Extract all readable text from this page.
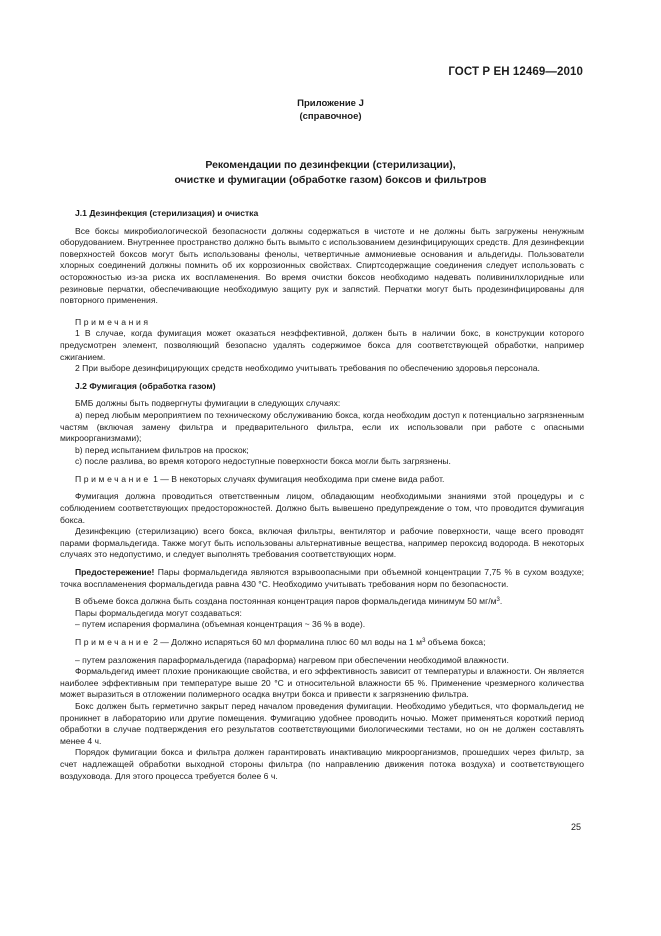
ГОСТ Р ЕН 12469—2010
Приложение J
(справочное)
Рекомендации по дезинфекции (стерилизации),
очистке и фумигации (обработке газом) боксов и фильтров

J.1 Дезинфекция (стерилизация) и очистка

Все боксы микробиологической безопасности должны содержаться в чистоте и не должны быть загружены ненужным оборудованием. Внутреннее пространство должно быть вымыто с использованием дезинфицирующих средств. Для дезинфекции поверхностей боксов могут быть использованы фенолы, четвертичные аммониевые основания и альдегиды. Пользователи хлорных соединений должны помнить об их коррозионных свойствах. Спиртсодержащие соединения следует использовать с осторожностью из-за риска их воспламенения. Во время очистки боксов необходимо надевать поливинилхлоридные или резиновые перчатки, обеспечивающие необходимую защиту рук и запястий. Перчатки могут быть продезинфицированы для повторного применения.

Примечания

1 В случае, когда фумигация может оказаться неэффективной, должен быть в наличии бокс, в конструкции которого предусмотрен элемент, позволяющий безопасно удалять содержимое бокса для соответствующей обработки, например сжиганием.

2 При выборе дезинфицирующих средств необходимо учитывать требования по обеспечению здоровья персонала.

J.2 Фумигация (обработка газом)

БМБ должны быть подвергнуты фумигации в следующих случаях:

a) перед любым мероприятием по техническому обслуживанию бокса, когда необходим доступ к потенциально загрязненным частям (включая замену фильтра и предварительного фильтра, если их использовали при работе с опасными микроорганизмами);

b) перед испытанием фильтров на проскок;

c) после разлива, во время которого недоступные поверхности бокса могли быть загрязнены.

Примечание 1 — В некоторых случаях фумигация необходима при смене вида работ.

Фумигация должна проводиться ответственным лицом, обладающим необходимыми знаниями этой процедуры и с соблюдением соответствующих предосторожностей. Должно быть вывешено предупреждение о том, что проводится фумигация бокса.

Дезинфекцию (стерилизацию) всего бокса, включая фильтры, вентилятор и рабочие поверхности, чаще всего проводят парами формальдегида. Также могут быть использованы альтернативные вещества, например пероксид водорода. В некоторых случаях это недопустимо, и следует выполнять требования соответствующих норм.

Предостережение! Пары формальдегида являются взрывоопасными при объемной концентрации 7,75 % в сухом воздухе; точка воспламенения формальдегида равна 430 °С. Необходимо учитывать требования норм по безопасности.

В объеме бокса должна быть создана постоянная концентрация паров формальдегида минимум 50 $мг/м^3$.

Пары формальдегида могут создаваться:

– путем испарения формалина (объемная концентрация ~ 36 % в воде).

Примечание 2 — Должно испаряться 60 мл формалина плюс 60 мл воды на 1 $м^3$ объема бокса;

– путем разложения параформальдегида (параформа) нагревом при обеспечении необходимой влажности.

Формальдегид имеет плохие проникающие свойства, и его эффективность зависит от температуры и влажности. Он является наиболее эффективным при температуре выше 20 °С и относительной влажности 65 %. Применение чрезмерного количества может выразиться в отложении полимерного осадка внутри бокса и привести к загрязнению фильтра.

Бокс должен быть герметично закрыт перед началом проведения фумигации. Необходимо убедиться, что формальдегид не проникнет в лабораторию или другие помещения. Фумигацию удобнее проводить ночью. Может применяться короткий период обработки в случае подтверждения его результатов соответствующими биологическими тестами, но он не должен составлять менее 4 ч.

Порядок фумигации бокса и фильтра должен гарантировать инактивацию микроорганизмов, прошедших через фильтр, за счет надлежащей обработки выходной стороны фильтра (по направлению движения потока воздуха) и соответствующего воздуховода. Для этого процесса требуется более 6 ч.

25
